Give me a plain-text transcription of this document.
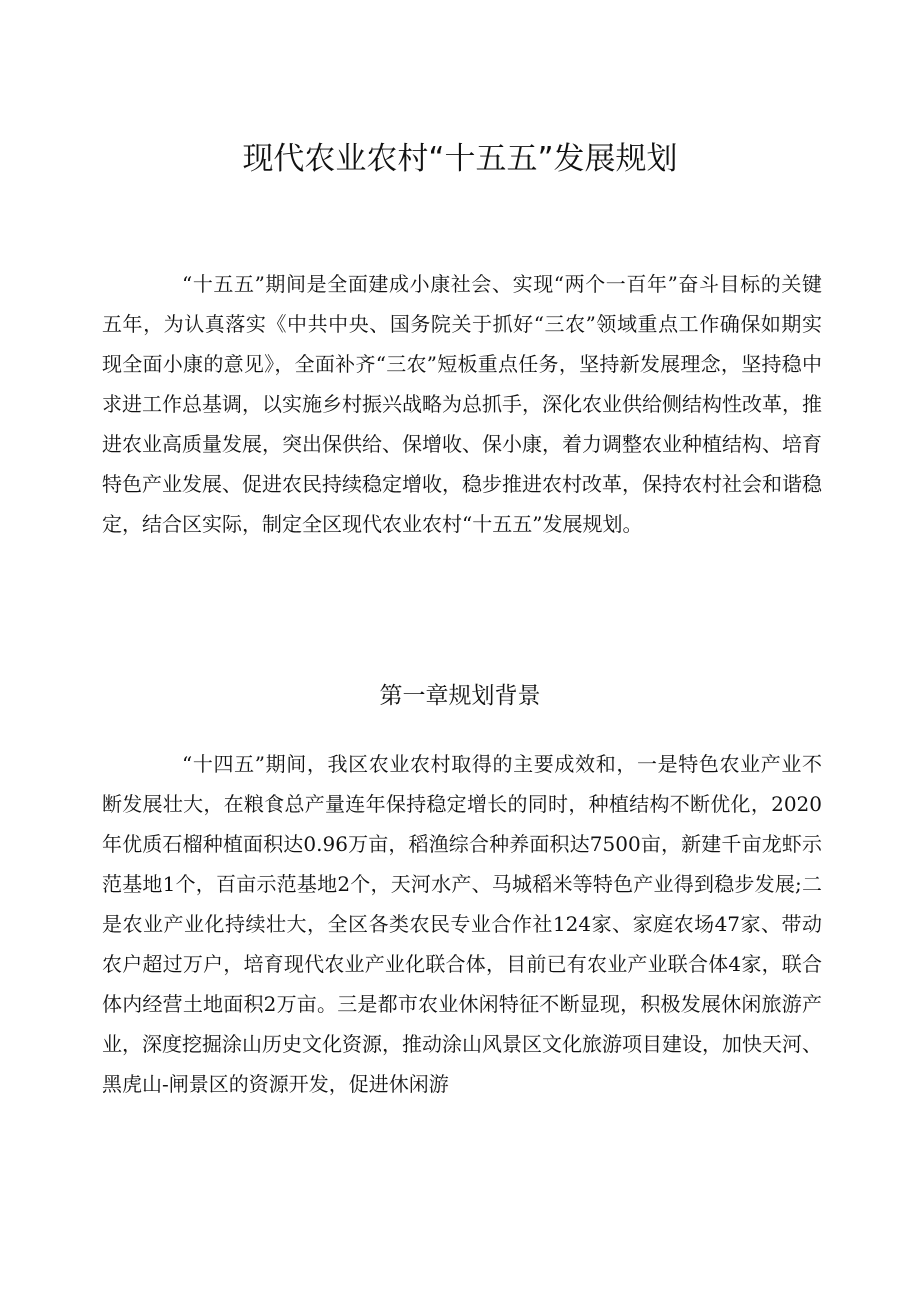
现代农业农村“十五五”发展规划

“十五五”期间是全面建成小康社会、实现“两个一百年”奋斗目标的关键五年，为认真落实《中共中央、国务院关于抓好“三农”领域重点工作确保如期实现全面小康的意见》，全面补齐“三农”短板重点任务，坚持新发展理念，坚持稳中求进工作总基调，以实施乡村振兴战略为总抓手，深化农业供给侧结构性改革，推进农业高质量发展，突出保供给、保增收、保小康，着力调整农业种植结构、培育特色产业发展、促进农民持续稳定增收，稳步推进农村改革，保持农村社会和谐稳定，结合区实际，制定全区现代农业农村“十五五”发展规划。

第一章规划背景

“十四五”期间，我区农业农村取得的主要成效和，一是特色农业产业不断发展壮大，在粮食总产量连年保持稳定增长的同时，种植结构不断优化，2020年优质石榴种植面积达0.96万亩，稻渔综合种养面积达7500亩，新建千亩龙虾示范基地1个，百亩示范基地2个，天河水产、马城稻米等特色产业得到稳步发展;二是农业产业化持续壮大，全区各类农民专业合作社124家、家庭农场47家、带动农户超过万户，培育现代农业产业化联合体，目前已有农业产业联合体4家，联合体内经营土地面积2万亩。三是都市农业休闲特征不断显现，积极发展休闲旅游产业，深度挖掘涂山历史文化资源，推动涂山风景区文化旅游项目建设，加快天河、黑虎山-闸景区的资源开发，促进休闲游
